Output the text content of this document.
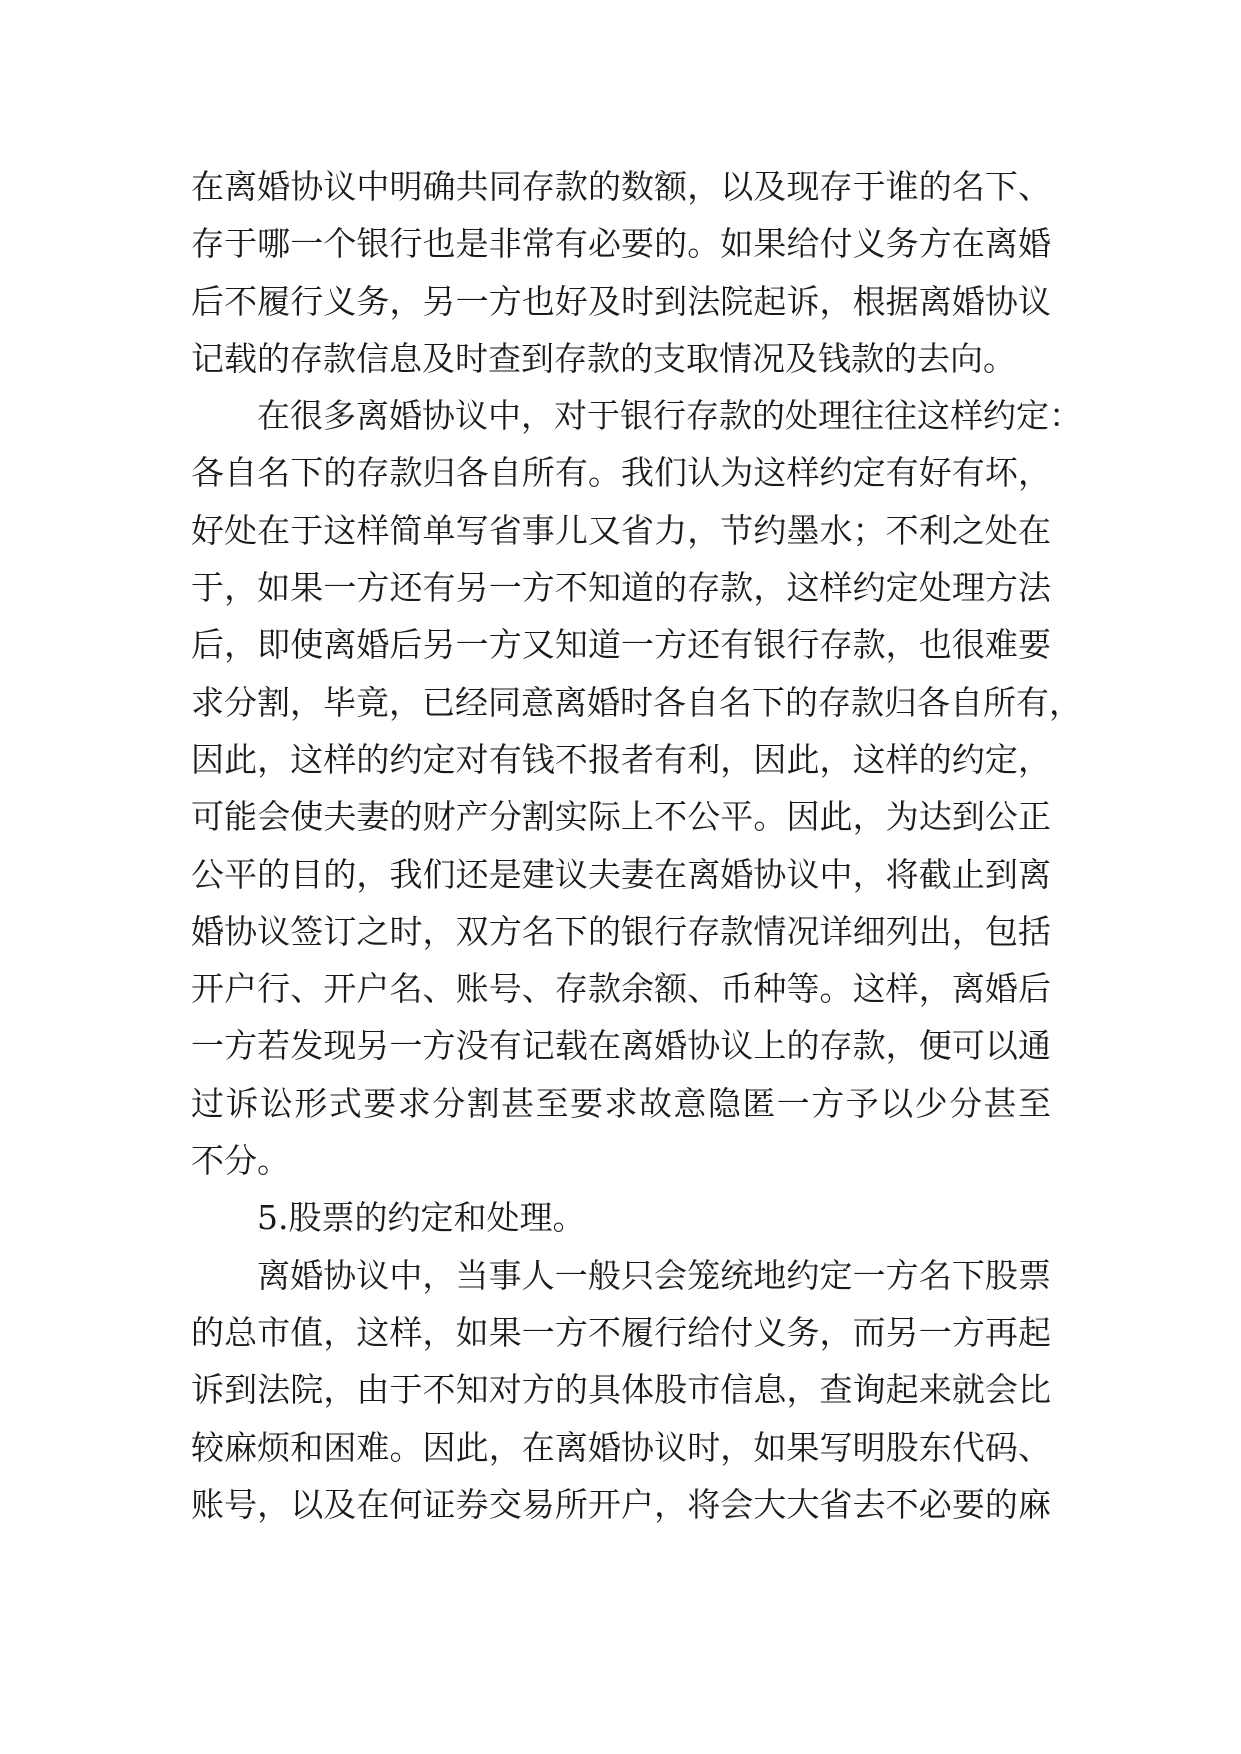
在离婚协议中明确共同存款的数额，以及现存于谁的名下、
存于哪一个银行也是非常有必要的。如果给付义务方在离婚
后不履行义务，另一方也好及时到法院起诉，根据离婚协议
记载的存款信息及时查到存款的支取情况及钱款的去向。
在很多离婚协议中，对于银行存款的处理往往这样约定：
各自名下的存款归各自所有。我们认为这样约定有好有坏，
好处在于这样简单写省事儿又省力，节约墨水；不利之处在
于，如果一方还有另一方不知道的存款，这样约定处理方法
后，即使离婚后另一方又知道一方还有银行存款，也很难要
求分割，毕竟，已经同意离婚时各自名下的存款归各自所有，
因此，这样的约定对有钱不报者有利，因此，这样的约定，
可能会使夫妻的财产分割实际上不公平。因此，为达到公正
公平的目的，我们还是建议夫妻在离婚协议中，将截止到离
婚协议签订之时，双方名下的银行存款情况详细列出，包括
开户行、开户名、账号、存款余额、币种等。这样，离婚后
一方若发现另一方没有记载在离婚协议上的存款，便可以通
过诉讼形式要求分割甚至要求故意隐匿一方予以少分甚至
不分。
5.股票的约定和处理。
离婚协议中，当事人一般只会笼统地约定一方名下股票
的总市值，这样，如果一方不履行给付义务，而另一方再起
诉到法院，由于不知对方的具体股市信息，查询起来就会比
较麻烦和困难。因此，在离婚协议时，如果写明股东代码、
账号，以及在何证券交易所开户，将会大大省去不必要的麻
